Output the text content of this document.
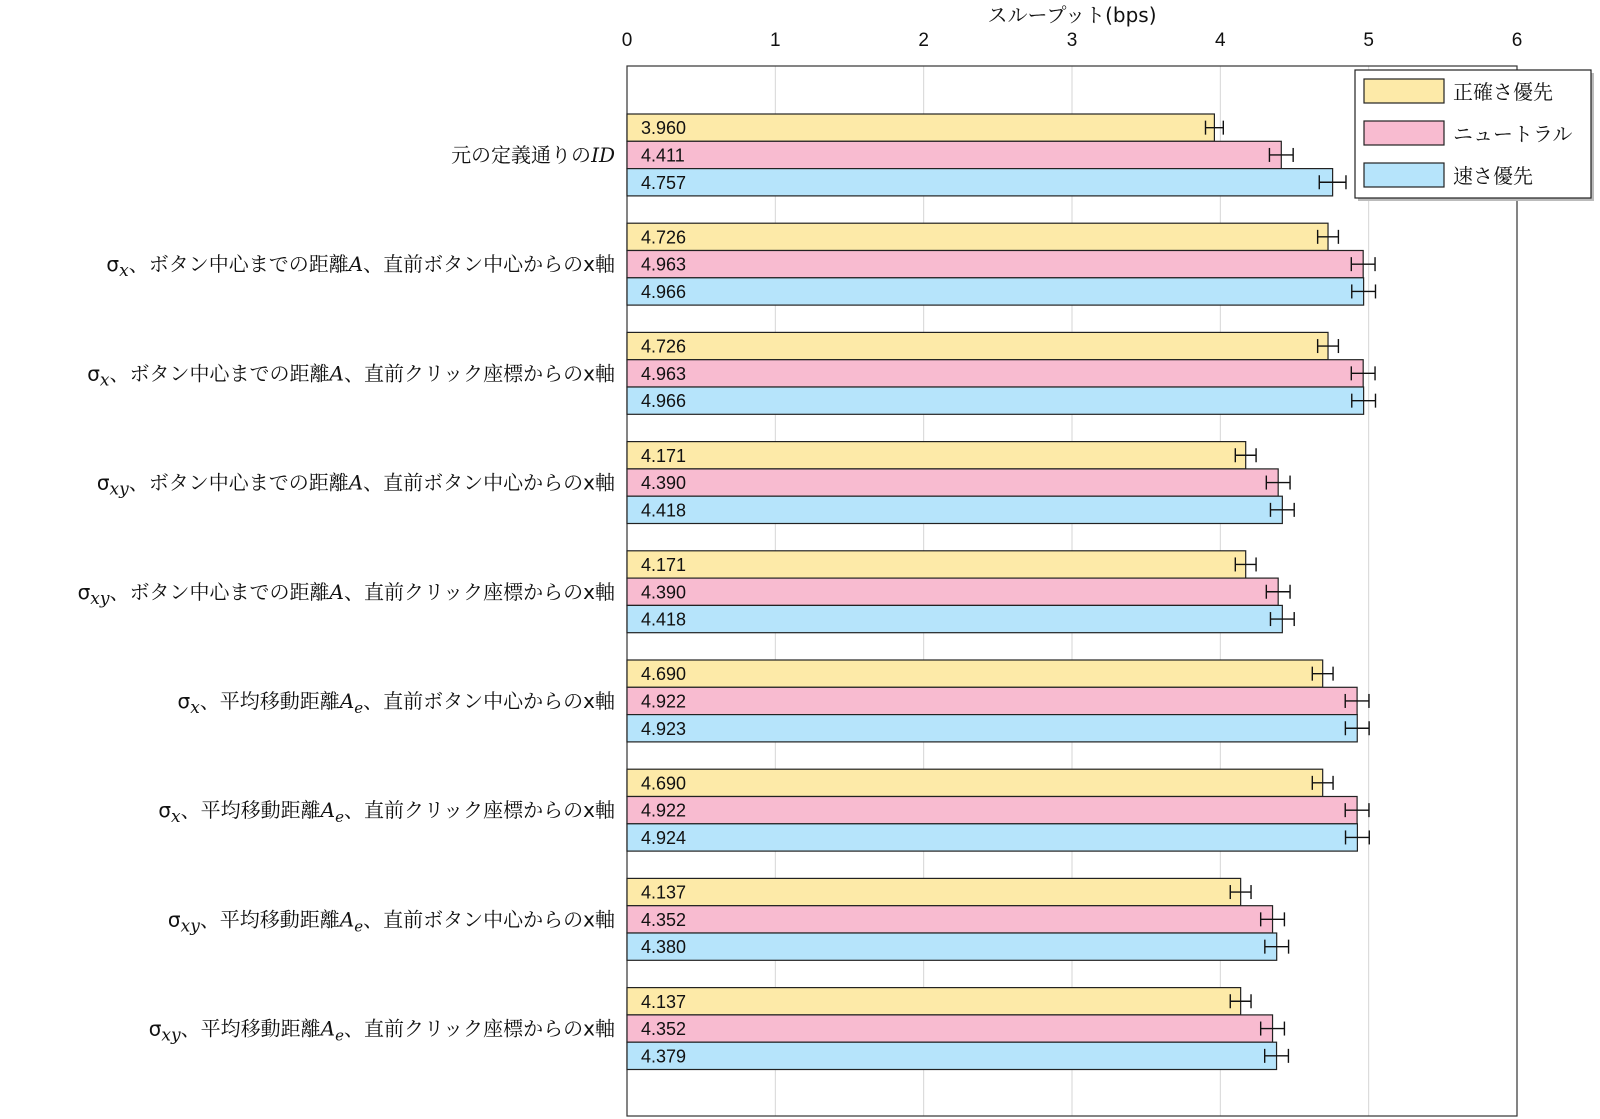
スループット(bps)
0	1	2	3	4	5	6
元の定義通りのID
$\sigma_x$、ボタン中心までの距離A、直前ボタン中心からのx軸
$\sigma_x$、ボタン中心までの距離A、直前クリック座標からのx軸
$\sigma_{xy}$、ボタン中心までの距離A、直前ボタン中心からのx軸
$\sigma_{xy}$、ボタン中心までの距離A、直前クリック座標からのx軸
$\sigma_x$、平均移動距離$A_e$、直前ボタン中心からのx軸
$\sigma_x$、平均移動距離$A_e$、直前クリック座標からのx軸
$\sigma_{xy}$、平均移動距離$A_e$、直前ボタン中心からのx軸
$\sigma_{xy}$、平均移動距離$A_e$、直前クリック座標からのx軸
3.960
4.411
4.757
4.726
4.963
4.966
4.726
4.963
4.966
4.171
4.390
4.418
4.171
4.390
4.418
4.690
4.922
4.923
4.690
4.922
4.924
4.137
4.352
4.380
4.137
4.352
4.379
正確さ優先
ニュートラル
速さ優先
